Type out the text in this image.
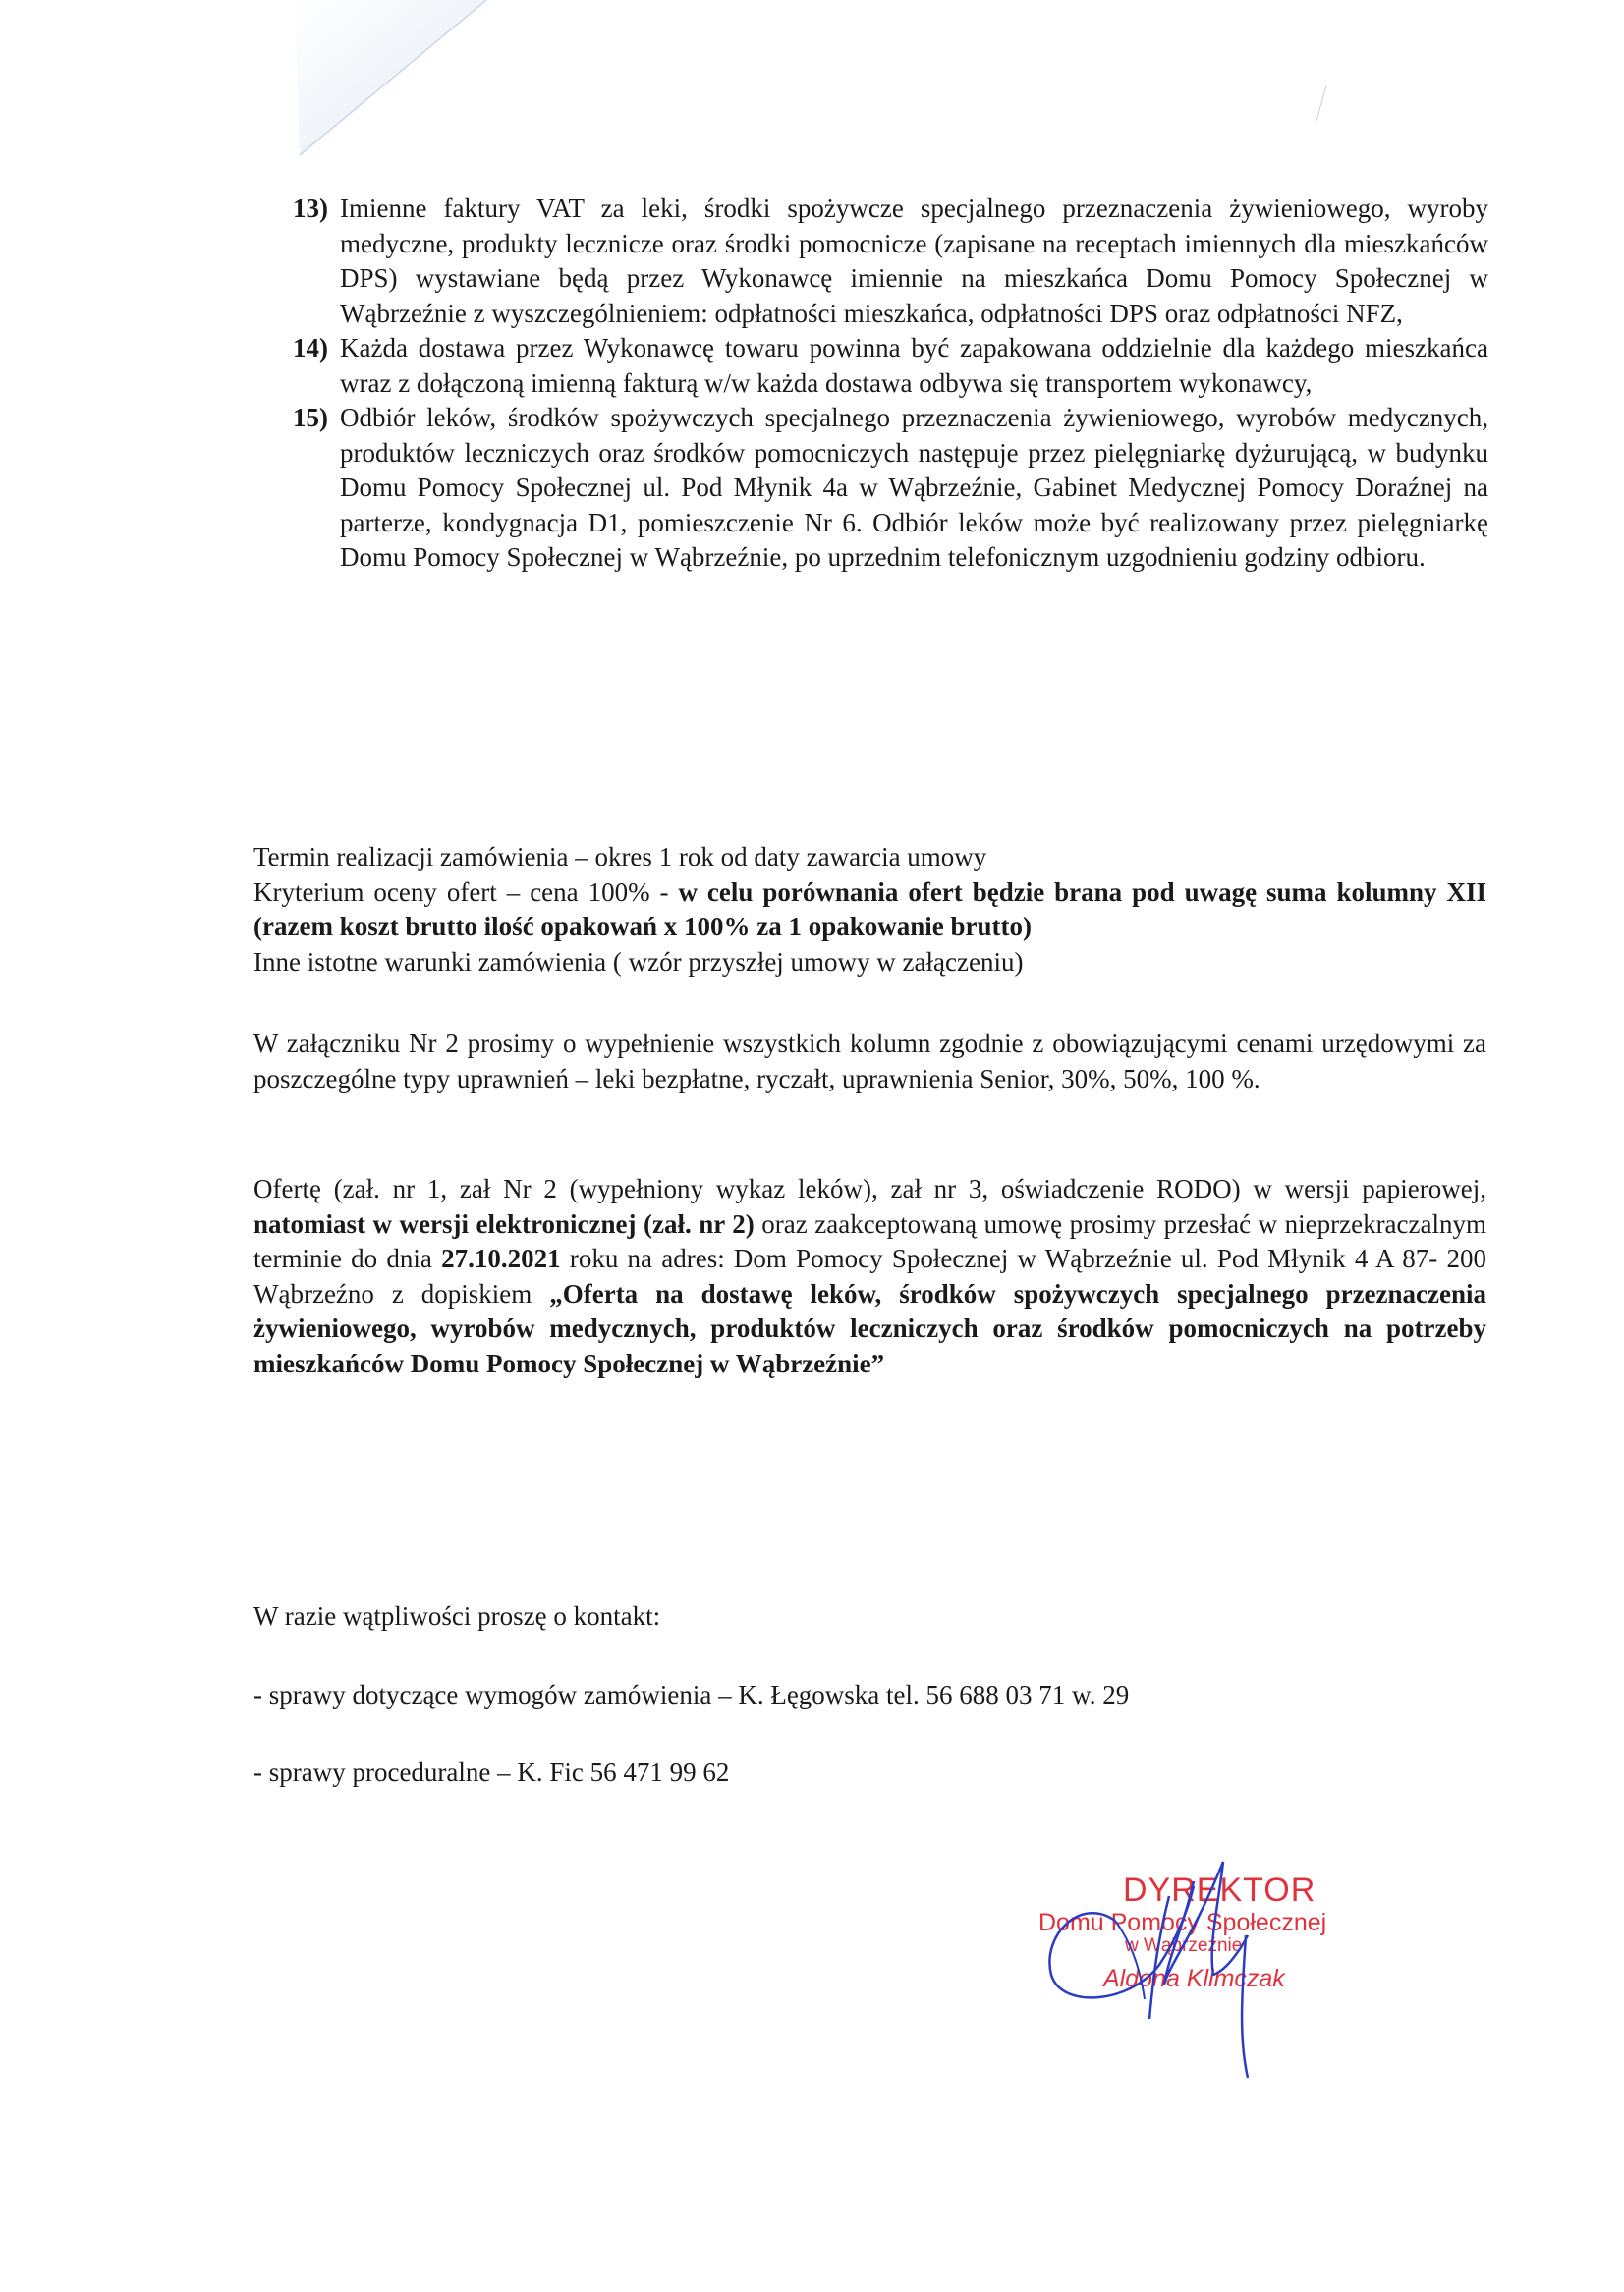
13) Imienne faktury VAT za leki, środki spożywcze specjalnego przeznaczenia żywieniowego, wyroby medyczne, produkty lecznicze oraz środki pomocnicze (zapisane na receptach imiennych dla mieszkańców DPS) wystawiane będą przez Wykonawcę imiennie na mieszkańca Domu Pomocy Społecznej w Wąbrzeźnie z wyszczególnieniem: odpłatności mieszkańca, odpłatności DPS oraz odpłatności NFZ,
14) Każda dostawa przez Wykonawcę towaru powinna być zapakowana oddzielnie dla każdego mieszkańca wraz z dołączoną imienną fakturą w/w każda dostawa odbywa się transportem wykonawcy,
15) Odbiór leków, środków spożywczych specjalnego przeznaczenia żywieniowego, wyrobów medycznych, produktów leczniczych oraz środków pomocniczych następuje przez pielęgniarkę dyżurującą, w budynku Domu Pomocy Społecznej ul. Pod Młynik 4a w Wąbrzeźnie, Gabinet Medycznej Pomocy Doraźnej na parterze, kondygnacja D1, pomieszczenie Nr 6. Odbiór leków może być realizowany przez pielęgniarkę Domu Pomocy Społecznej w Wąbrzeźnie, po uprzednim telefonicznym uzgodnieniu godziny odbioru.

Termin realizacji zamówienia – okres 1 rok od daty zawarcia umowy

Kryterium oceny ofert – cena 100% - w celu porównania ofert będzie brana pod uwagę suma kolumny XII (razem koszt brutto ilość opakowań x 100% za 1 opakowanie brutto)

Inne istotne warunki zamówienia ( wzór przyszłej umowy w załączeniu)

W załączniku Nr 2 prosimy o wypełnienie wszystkich kolumn zgodnie z obowiązującymi cenami urzędowymi za poszczególne typy uprawnień – leki bezpłatne, ryczałt, uprawnienia Senior, 30%, 50%, 100 %.

Ofertę (zał. nr 1, zał Nr 2 (wypełniony wykaz leków), zał nr 3, oświadczenie RODO) w wersji papierowej, natomiast w wersji elektronicznej (zał. nr 2) oraz zaakceptowaną umowę prosimy przesłać w nieprzekraczalnym terminie do dnia 27.10.2021 roku na adres: Dom Pomocy Społecznej w Wąbrzeźnie ul. Pod Młynik 4 A 87- 200 Wąbrzeźno z dopiskiem „Oferta na dostawę leków, środków spożywczych specjalnego przeznaczenia żywieniowego, wyrobów medycznych, produktów leczniczych oraz środków pomocniczych na potrzeby mieszkańców Domu Pomocy Społecznej w Wąbrzeźnie”

W razie wątpliwości proszę o kontakt:

- sprawy dotyczące wymogów zamówienia – K. Łęgowska tel. 56 688 03 71 w. 29

- sprawy proceduralne – K. Fic 56 471 99 62

DYREKTOR
Domu Pomocy Społecznej
w Wąbrzeźnie
Aldona Klimczak
